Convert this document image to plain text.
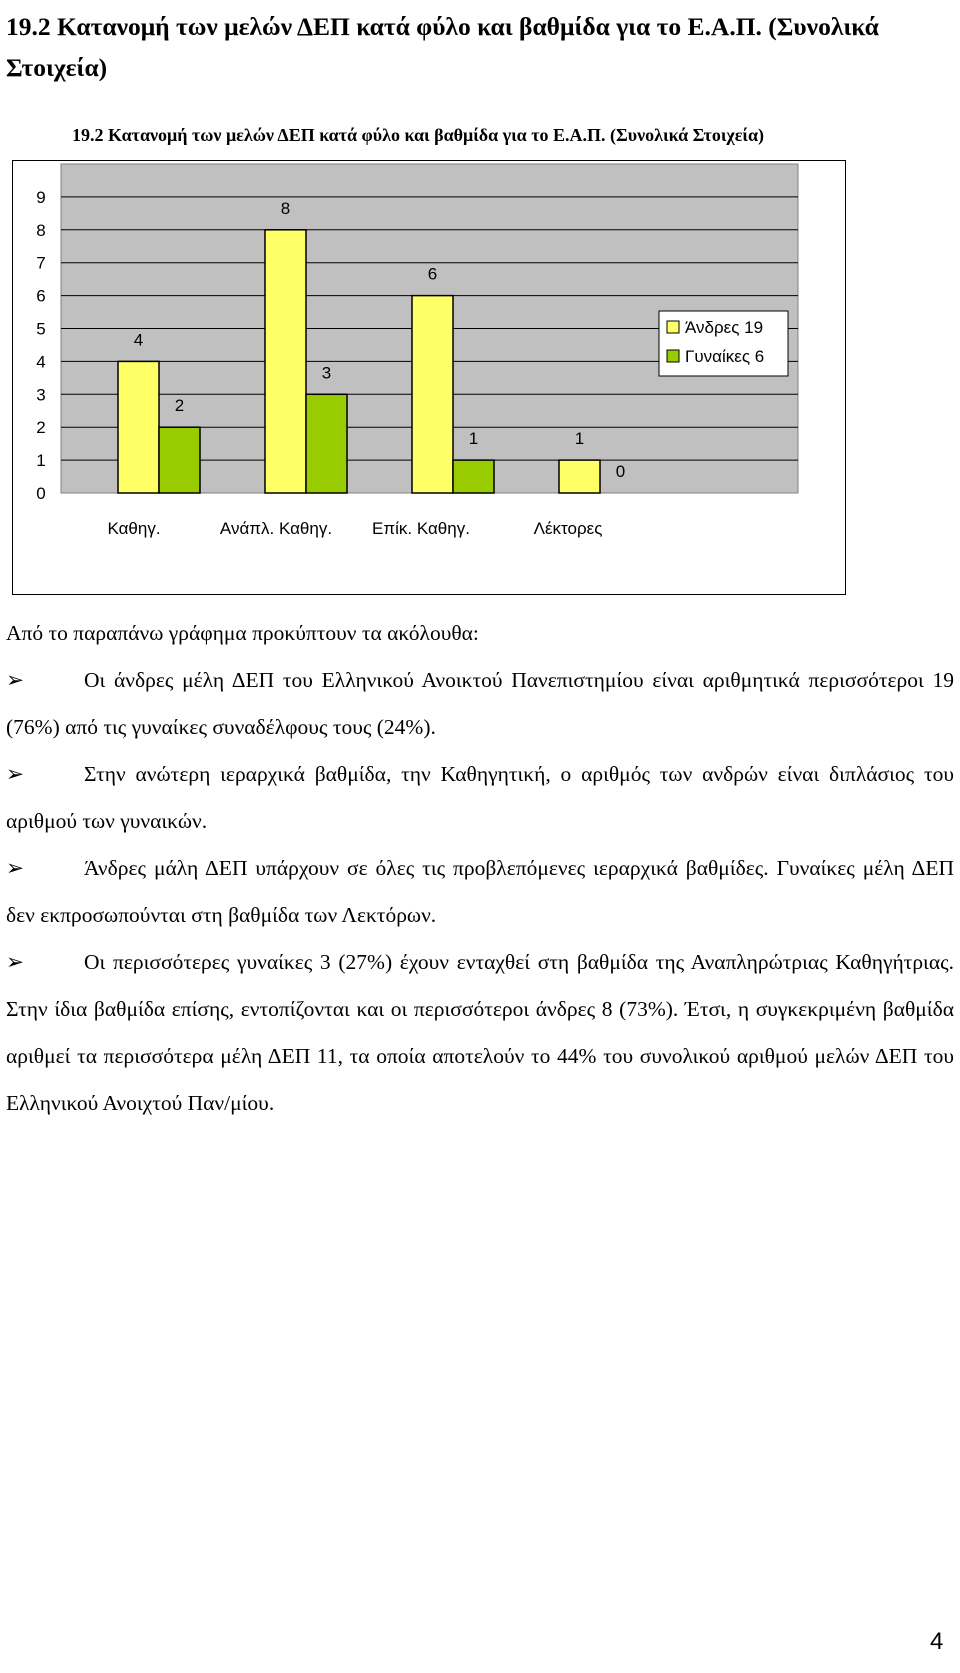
19.2 Κατανομή των μελών ΔΕΠ κατά φύλο και βαθμίδα για το Ε.Α.Π. (Συνολικά Στοιχεία)
19.2 Κατανομή των μελών ΔΕΠ κατά φύλο και βαθμίδα για το Ε.Α.Π. (Συνολικά Στοιχεία)
0
1
2
3
4
5
6
7
8
9
4
2
8
3
6
1	1
0
Καθηγ.	Ανάπλ. Καθηγ. Επίκ. Καθηγ.	Λέκτορες
Άνδρες 19
Γυναίκες 6

Από το παραπάνω γράφημα προκύπτουν τα ακόλουθα:

➢	Οι άνδρες μέλη ΔΕΠ του Ελληνικού Ανοικτού Πανεπιστημίου είναι αριθμητικά περισσότεροι 19 (76%) από τις γυναίκες συναδέλφους τους (24%).

➢	Στην ανώτερη ιεραρχικά βαθμίδα, την Καθηγητική, ο αριθμός των ανδρών είναι διπλάσιος του αριθμού των γυναικών.

➢	Άνδρες μάλη ΔΕΠ υπάρχουν σε όλες τις προβλεπόμενες ιεραρχικά βαθμίδες. Γυναίκες μέλη ΔΕΠ δεν εκπροσωπούνται στη βαθμίδα των Λεκτόρων.

➢	Οι περισσότερες γυναίκες 3 (27%) έχουν ενταχθεί στη βαθμίδα της Αναπληρώτριας Καθηγήτριας. Στην ίδια βαθμίδα επίσης, εντοπίζονται και οι περισσότεροι άνδρες 8 (73%). Έτσι, η συγκεκριμένη βαθμίδα αριθμεί τα περισσότερα μέλη ΔΕΠ 11, τα οποία αποτελούν το 44% του συνολικού αριθμού μελών ΔΕΠ του Ελληνικού Ανοιχτού Παν/μίου.

4
